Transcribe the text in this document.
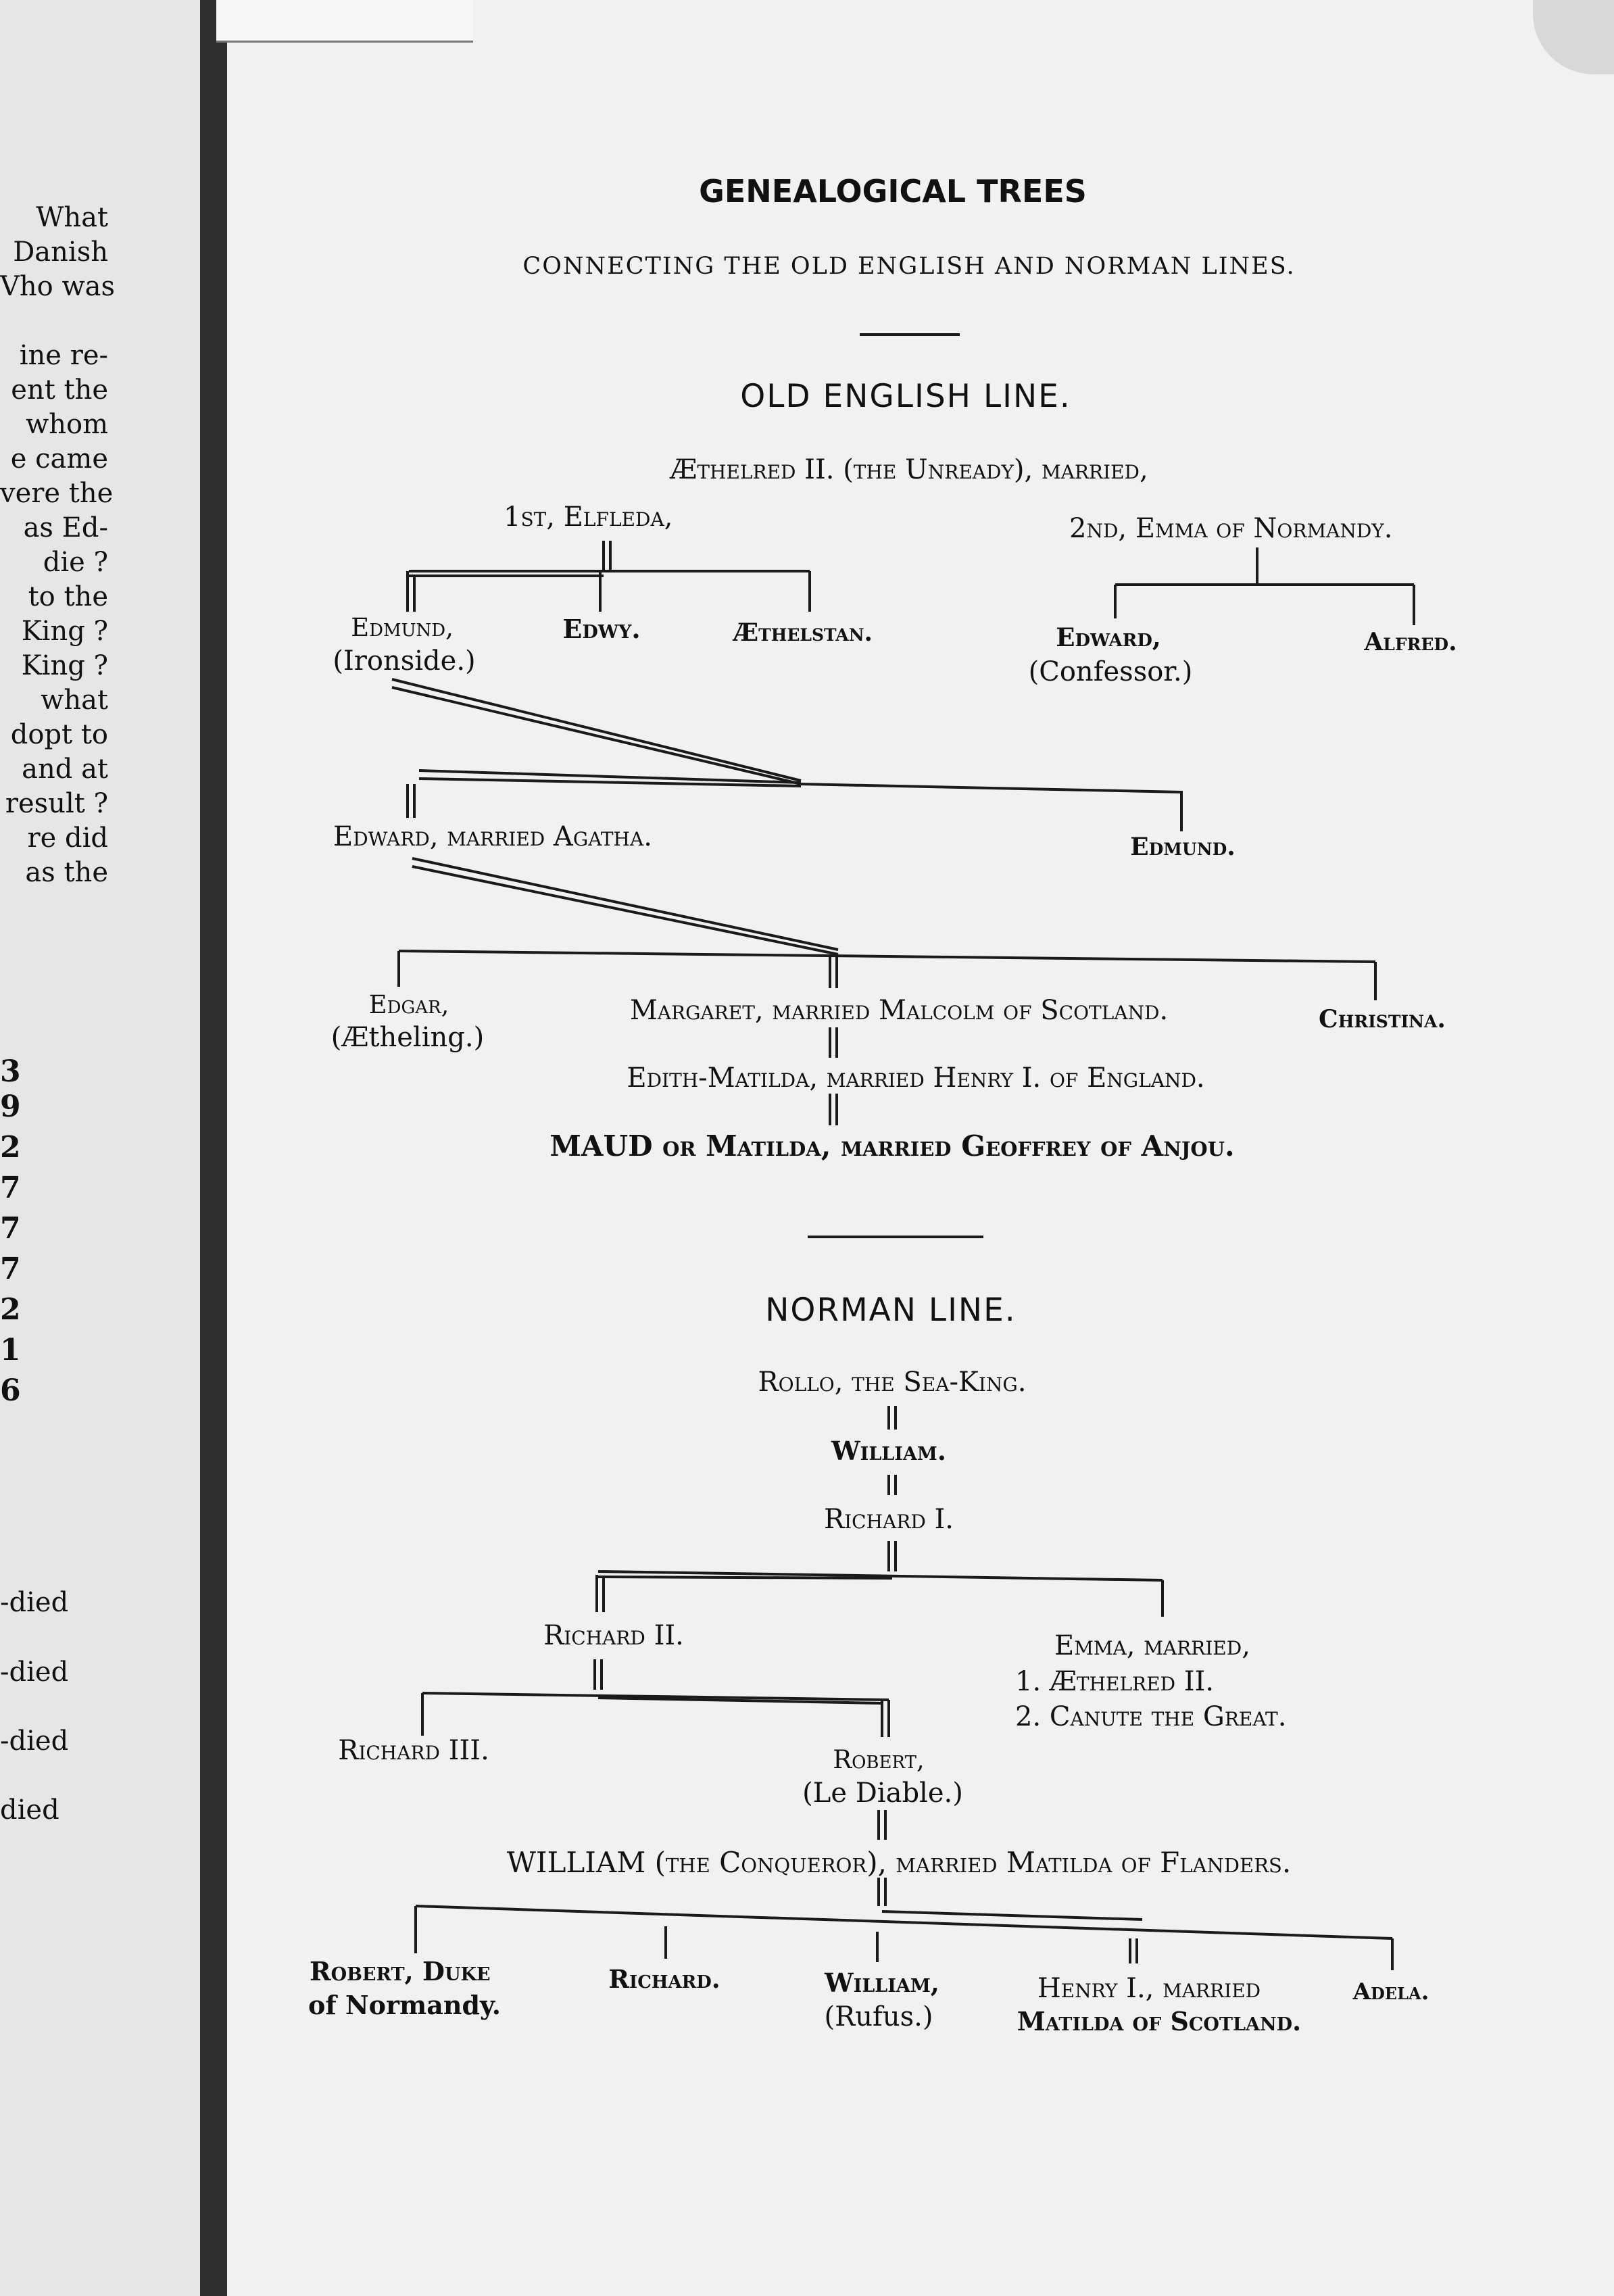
What
Danish
Vho was
ine re-
ent the
whom
e came
vere the
as Ed-
die ?
to the
King ?
King ?
what
dopt to
and at
result ?
re did
as the
3
9
2
7
7
7
2
1
6
-died
-died
-died
died
GENEALOGICAL TREES
CONNECTING THE OLD ENGLISH AND NORMAN LINES.
OLD ENGLISH LINE.
Æthelred II. (the Unready), married,
1st, Elfleda,	2nd, Emma of Normandy.
Edmund,
(Ironside.)
Edwy.	Æthelstan.	Edward,
(Confessor.)
Alfred.
Edward, married Agatha.	Edmund.
Edgar,
(Ætheling.)
Margaret, married Malcolm of Scotland.	Christina.
Edith-Matilda, married Henry I. of England.
MAUD or Matilda, married Geoffrey of Anjou.
NORMAN LINE.
Rollo, the Sea-King.
William.
Richard I.
Richard II.	Emma, married,
1. Æthelred II.
2. Canute the Great.
Richard III.	Robert,
(Le Diable.)
WILLIAM (the Conqueror), married Matilda of Flanders.
Robert, Duke
of Normandy.
Richard.	William,
(Rufus.)
Henry I., married
Matilda of Scotland.
Adela.
